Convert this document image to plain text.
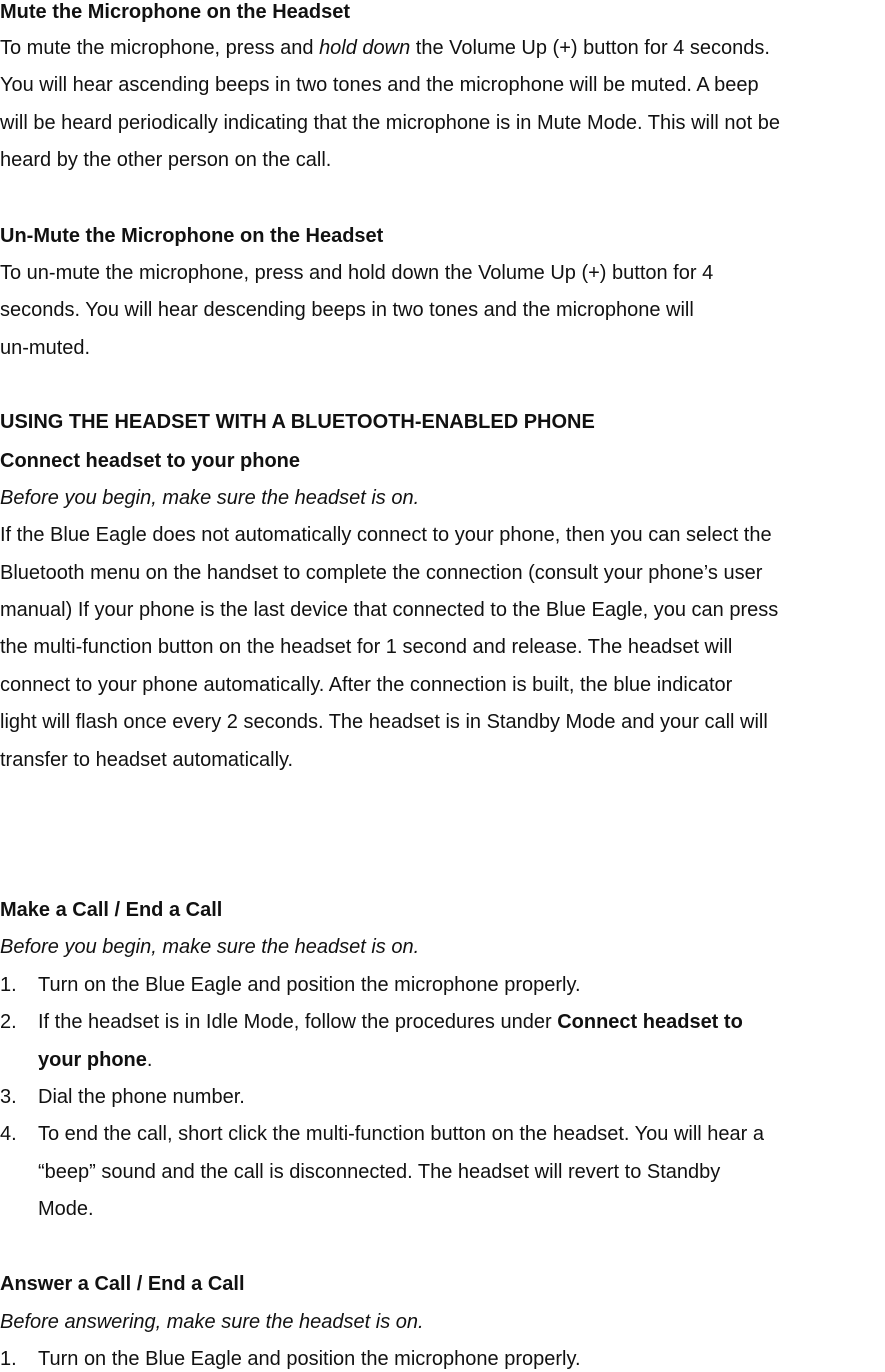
Mute the Microphone on the Headset
To mute the microphone, press and hold down the Volume Up (+) button for 4 seconds.
You will hear ascending beeps in two tones and the microphone will be muted. A beep
will be heard periodically indicating that the microphone is in Mute Mode. This will not be
heard by the other person on the call.
Un-Mute the Microphone on the Headset
To un-mute the microphone, press and hold down the Volume Up (+) button for 4
seconds. You will hear descending beeps in two tones and the microphone will
un-muted.
USING THE HEADSET WITH A BLUETOOTH-ENABLED PHONE
Connect headset to your phone
Before you begin, make sure the headset is on.
If the Blue Eagle does not automatically connect to your phone, then you can select the
Bluetooth menu on the handset to complete the connection (consult your phone’s user
manual) If your phone is the last device that connected to the Blue Eagle, you can press
the multi-function button on the headset for 1 second and release. The headset will
connect to your phone automatically. After the connection is built, the blue indicator
light will flash once every 2 seconds. The headset is in Standby Mode and your call will
transfer to headset automatically.
Make a Call / End a Call
Before you begin, make sure the headset is on.
1. Turn on the Blue Eagle and position the microphone properly.
2. If the headset is in Idle Mode, follow the procedures under Connect headset to
your phone.
3. Dial the phone number.
4. To end the call, short click the multi-function button on the headset. You will hear a
“beep” sound and the call is disconnected. The headset will revert to Standby
Mode.
Answer a Call / End a Call
Before answering, make sure the headset is on.
1. Turn on the Blue Eagle and position the microphone properly.
